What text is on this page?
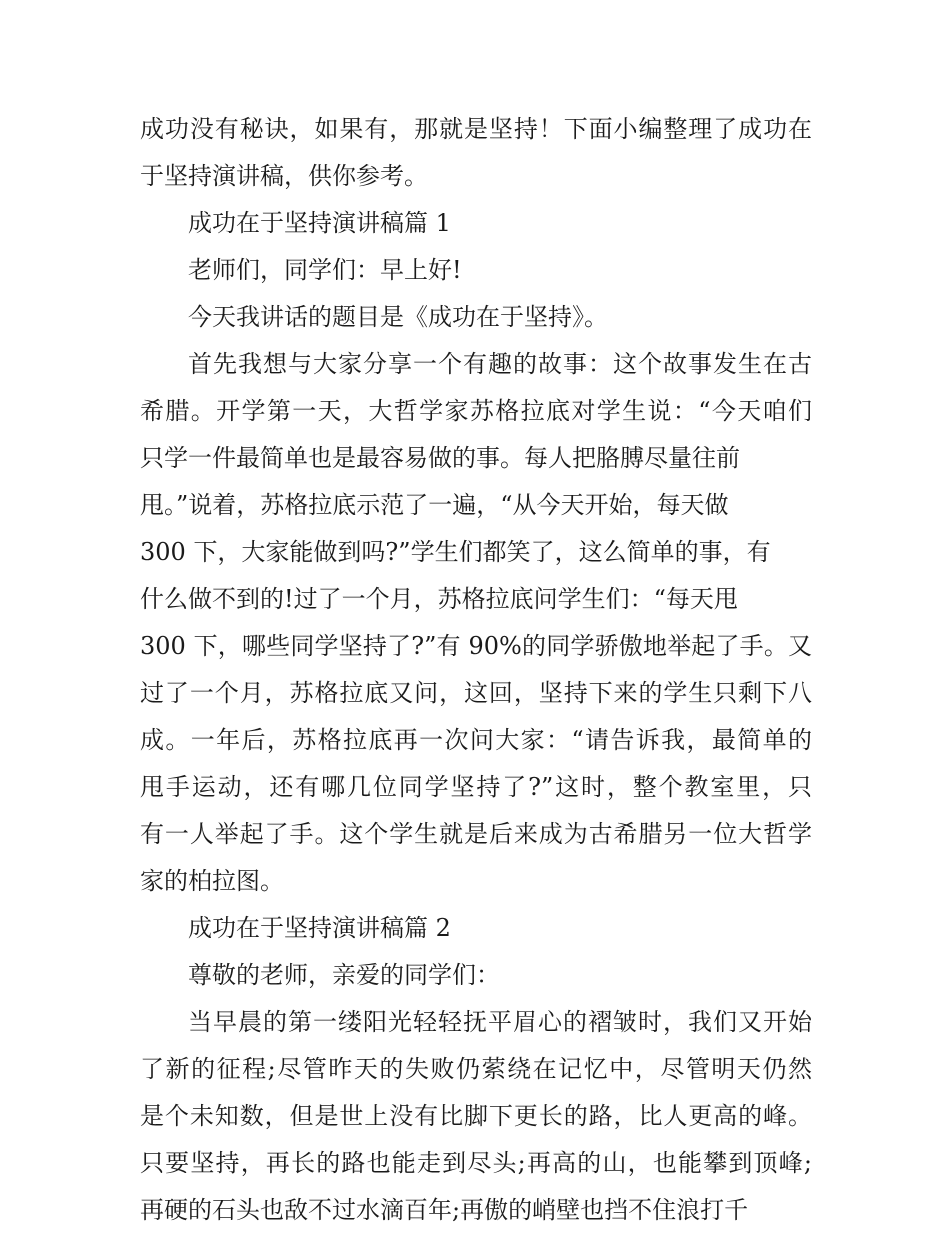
成功没有秘诀，如果有，那就是坚持！下面小编整理了成功在
于坚持演讲稿，供你参考。
成功在于坚持演讲稿篇 1
老师们，同学们：早上好!
今天我讲话的题目是《成功在于坚持》。
首先我想与大家分享一个有趣的故事：这个故事发生在古
希腊。开学第一天，大哲学家苏格拉底对学生说：“今天咱们
只学一件最简单也是最容易做的事。每人把胳膊尽量往前
甩。”说着，苏格拉底示范了一遍，“从今天开始，每天做
300 下，大家能做到吗?”学生们都笑了，这么简单的事，有
什么做不到的!过了一个月，苏格拉底问学生们：“每天甩
300 下，哪些同学坚持了?”有 90%的同学骄傲地举起了手。又
过了一个月，苏格拉底又问，这回，坚持下来的学生只剩下八
成。一年后，苏格拉底再一次问大家：“请告诉我，最简单的
甩手运动，还有哪几位同学坚持了?”这时，整个教室里，只
有一人举起了手。这个学生就是后来成为古希腊另一位大哲学
家的柏拉图。
成功在于坚持演讲稿篇 2
尊敬的老师，亲爱的同学们：
当早晨的第一缕阳光轻轻抚平眉心的褶皱时，我们又开始
了新的征程;尽管昨天的失败仍萦绕在记忆中，尽管明天仍然
是个未知数，但是世上没有比脚下更长的路，比人更高的峰。
只要坚持，再长的路也能走到尽头;再高的山，也能攀到顶峰;
再硬的石头也敌不过水滴百年;再傲的峭壁也挡不住浪打千
